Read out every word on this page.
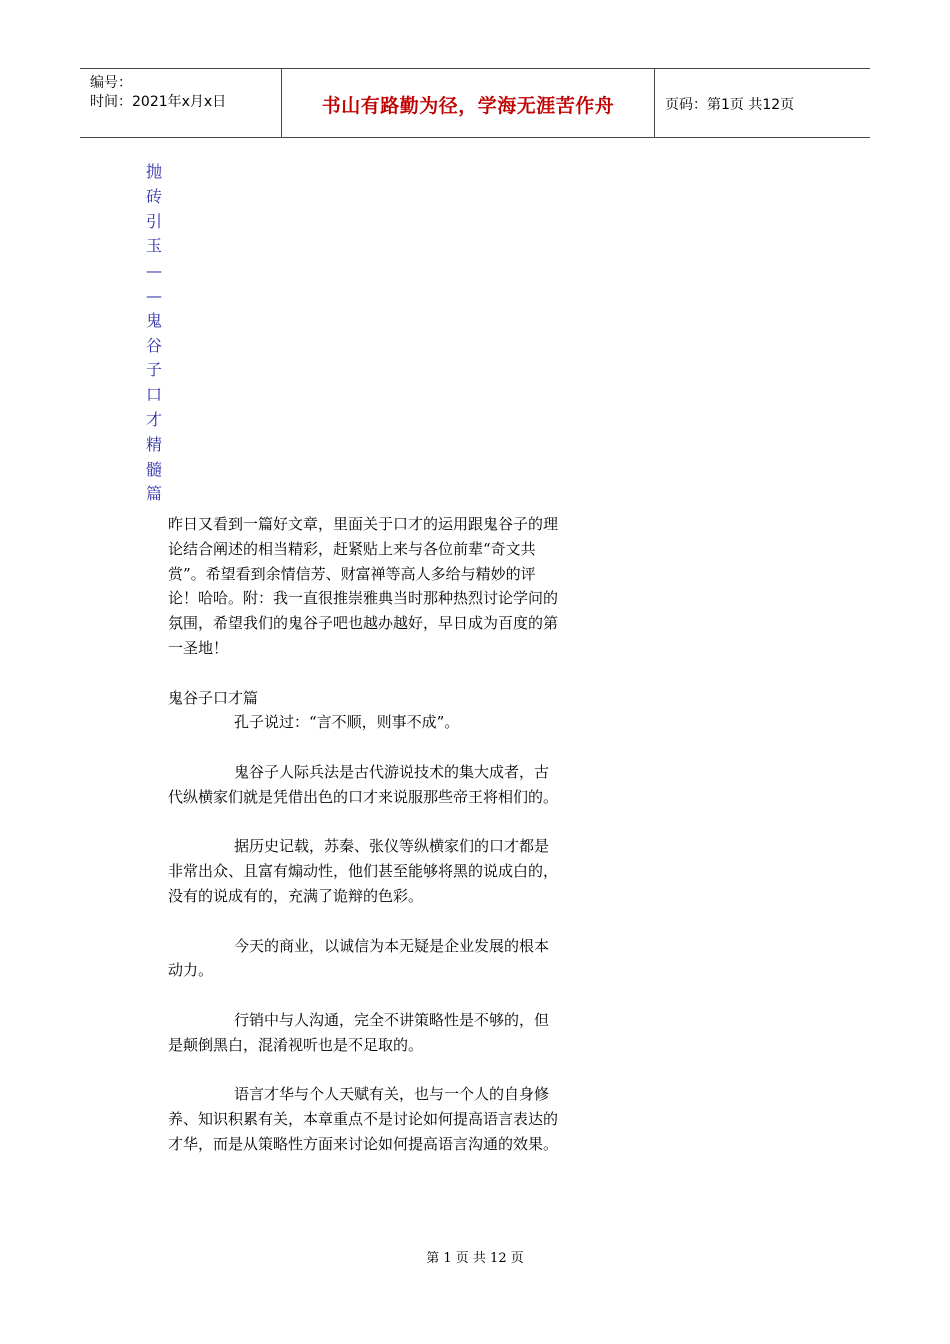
编号：
时间：2021年x月x日	书山有路勤为径，学海无涯苦作舟	页码：第1页 共12页
抛
砖
引
玉
—
—
鬼
谷
子
口
才
精
髓
篇

昨日又看到一篇好文章，里面关于口才的运用跟鬼谷子的理论结合阐述的相当精彩，赶紧贴上来与各位前辈“奇文共赏”。希望看到余情信芳、财富禅等高人多给与精妙的评论！哈哈。附：我一直很推崇雅典当时那种热烈讨论学问的氛围，希望我们的鬼谷子吧也越办越好，早日成为百度的第一圣地！

鬼谷子口才篇

孔子说过：“言不顺，则事不成”。

鬼谷子人际兵法是古代游说技术的集大成者，古代纵横家们就是凭借出色的口才来说服那些帝王将相们的。

据历史记载，苏秦、张仪等纵横家们的口才都是非常出众、且富有煽动性，他们甚至能够将黑的说成白的，没有的说成有的，充满了诡辩的色彩。

今天的商业，以诚信为本无疑是企业发展的根本动力。

行销中与人沟通，完全不讲策略性是不够的，但是颠倒黑白，混淆视听也是不足取的。

语言才华与个人天赋有关，也与一个人的自身修养、知识积累有关，本章重点不是讨论如何提高语言表达的才华，而是从策略性方面来讨论如何提高语言沟通的效果。

第 1 页 共 12 页
